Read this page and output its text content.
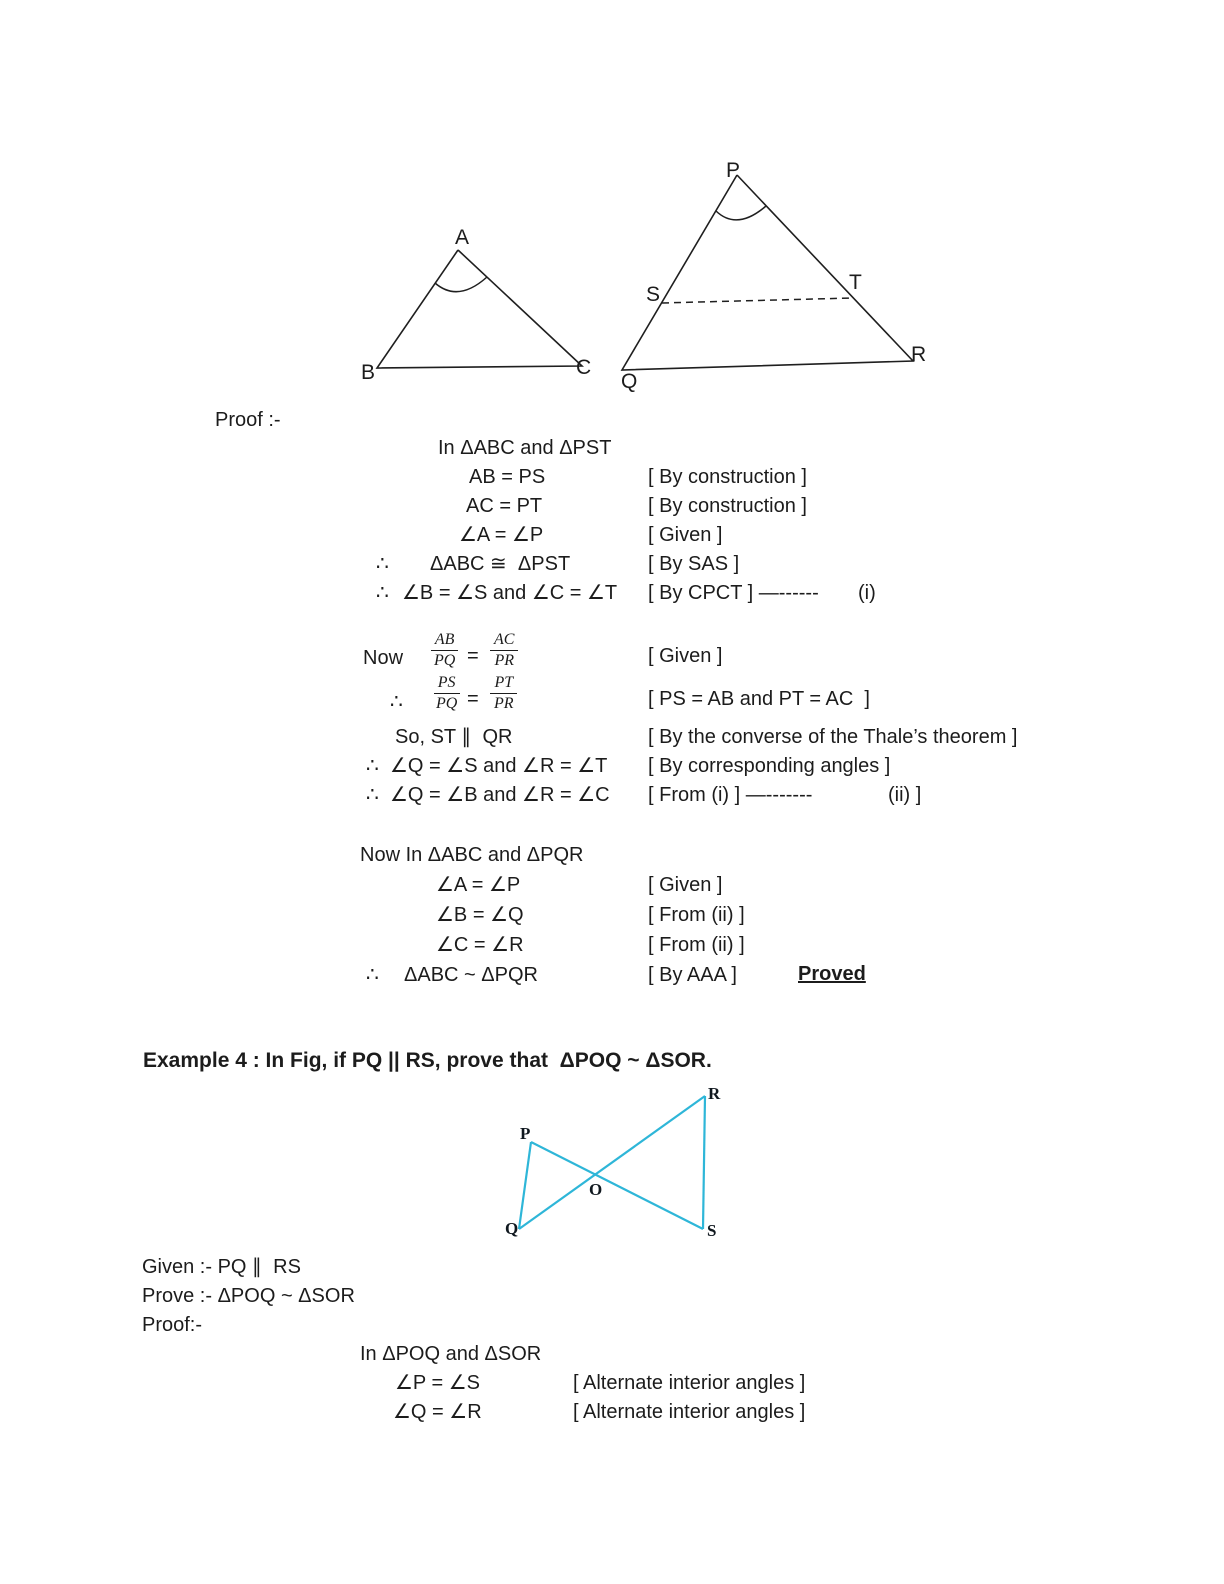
A
B	C
P
Q
R
S
T
Proof :-
In ΔABC and ΔPST
AB = PS	[ By construction ]
AC = PT	[ By construction ]
∠A = ∠P	[ Given ]
∴ ΔABC ≅  ΔPST	[ By SAS ]
∴ ∠B = ∠S and ∠C = ∠T [ By CPCT ] —------ (i)
Now $\frac{AB}{PQ} = \frac{AC}{PR}$	[ Given ]
∴ $\frac{PS}{PQ} = \frac{PT}{PR}$	[ PS = AB and PT = AC  ]
So, ST ∥  QR	[ By the converse of the Thale’s theorem ]
∴ ∠Q = ∠S and ∠R = ∠T [ By corresponding angles ]
∴ ∠Q = ∠B and ∠R = ∠C [ From (i) ] —-------	(ii) ]
Now In ΔABC and ΔPQR
∠A = ∠P	[ Given ]
∠B = ∠Q	[ From (ii) ]
∠C = ∠R	[ From (ii) ]
∴ ΔABC ~ ΔPQR	[ By AAA ]	Proved
Example 4 : In Fig, if PQ || RS, prove that  ΔPOQ ~ ΔSOR.
P
Q
R
S
O
Given :- PQ ∥  RS
Prove :- ΔPOQ ~ ΔSOR
Proof:-
In ΔPOQ and ΔSOR
∠P = ∠S	[ Alternate interior angles ]
∠Q = ∠R	[ Alternate interior angles ]
